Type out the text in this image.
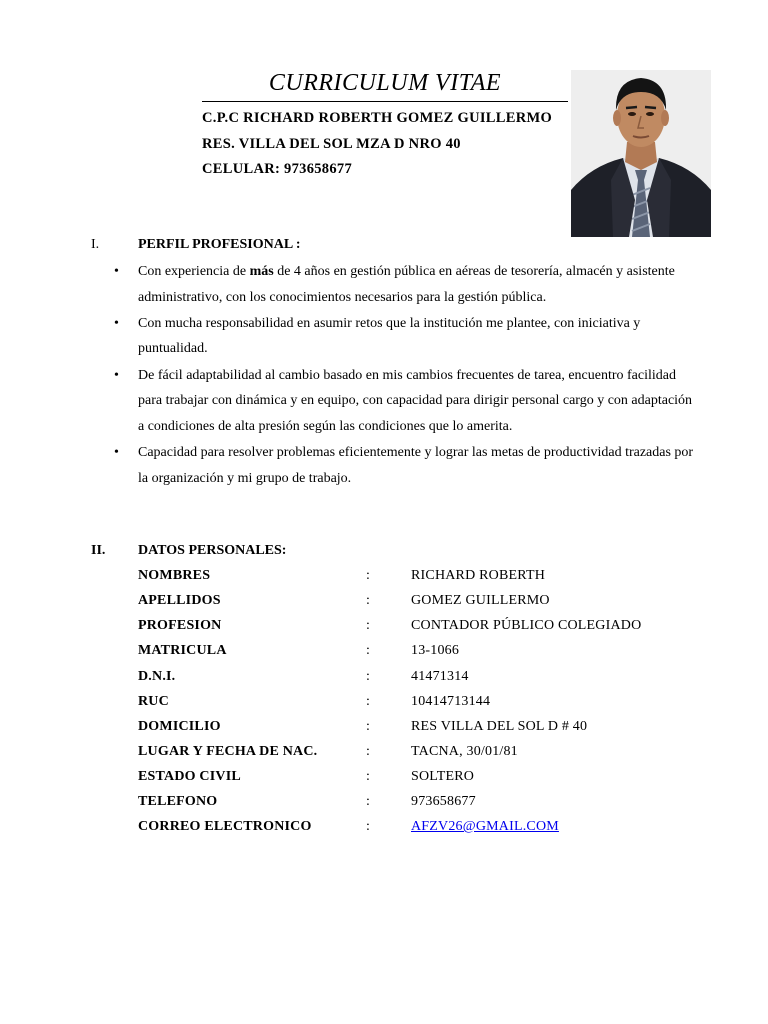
CURRICULUM VITAE
C.P.C RICHARD ROBERTH GOMEZ GUILLERMO
RES. VILLA DEL SOL MZA D NRO 40
CELULAR: 973658677
I.	PERFIL PROFESIONAL :
• Con experiencia de más de 4 años en gestión pública en aéreas de tesorería, almacén y asistente administrativo, con los conocimientos necesarios para la gestión pública.
• Con mucha responsabilidad en asumir retos que la institución me plantee, con iniciativa y puntualidad.
• De fácil adaptabilidad al cambio basado en mis cambios frecuentes de tarea, encuentro facilidad para trabajar con dinámica y en equipo, con capacidad para dirigir personal cargo y con adaptación a condiciones de alta presión según las condiciones que lo amerita.
• Capacidad para resolver problemas eficientemente y lograr las metas de productividad trazadas por la organización y mi grupo de trabajo.
II. DATOS PERSONALES:
NOMBRES	:	RICHARD ROBERTH
APELLIDOS	:	GOMEZ GUILLERMO
PROFESION	:	CONTADOR PÚBLICO COLEGIADO
MATRICULA	:	13-1066
D.N.I.	:	41471314
RUC	:	10414713144
DOMICILIO	:	RES VILLA DEL SOL D # 40
LUGAR Y FECHA DE NAC.	:	TACNA, 30/01/81
ESTADO CIVIL	:	SOLTERO
TELEFONO	:	973658677
CORREO ELECTRONICO	:	AFZV26@GMAIL.COM
